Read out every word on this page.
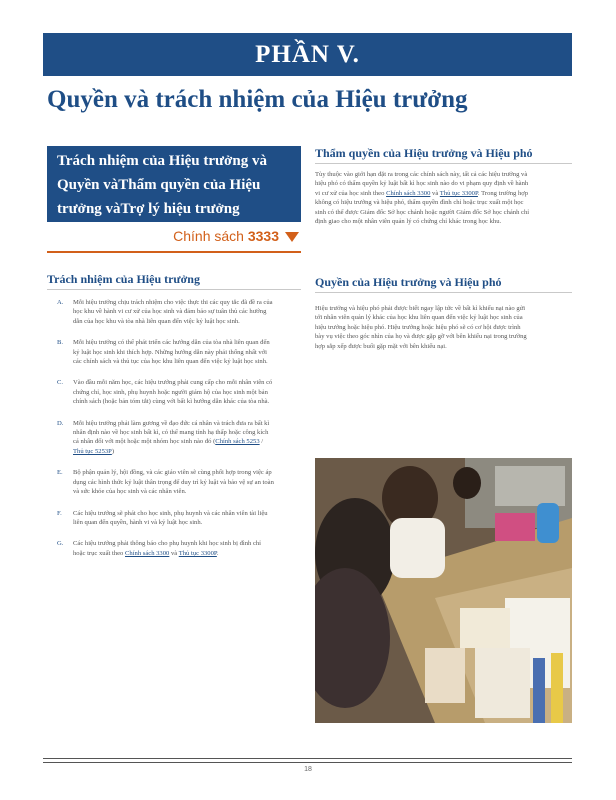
PHẦN V.
Quyền và trách nhiệm của Hiệu trưởng
Trách nhiệm của Hiệu trưởng và
Quyền vàThẩm quyền của Hiệu
trưởng vàTrợ lý hiệu trưởng
Chính sách 3333
Trách nhiệm của Hiệu trưởng
A. Mỗi hiệu trưởng chịu trách nhiệm cho việc thực thi các quy tắc đã đề ra của học khu về hành vi cư xử của học sinh và đảm bảo sự tuân thủ các hướng dẫn của học khu và tòa nhà liên quan đến việc kỷ luật học sinh.
B. Mỗi hiệu trưởng có thể phát triển các hướng dẫn của tòa nhà liên quan đến kỷ luật học sinh khi thích hợp. Những hướng dẫn này phải thống nhất với các chính sách và thủ tục của học khu liên quan đến việc kỷ luật học sinh.
C. Vào đầu mỗi năm học, các hiệu trưởng phải cung cấp cho mỗi nhân viên có chứng chỉ, học sinh, phụ huynh hoặc người giám hộ của học sinh một bản chính sách (hoặc bản tóm tắt) cùng với bất kì hướng dẫn khác của tòa nhà.
D. Mỗi hiệu trưởng phải làm gương về đạo đức cá nhân và trách đưa ra bất kì nhân định nào về học sinh bất kì, có thể mang tính hạ thấp hoặc công kích cá nhân đối với một hoặc một nhóm học sinh nào đó (Chính sách 5253 / Thủ tục 5253P)
E. Bộ phận quản lý, hội đồng, và các giáo viên sẽ cùng phối hợp trong việc áp dụng các hình thức kỷ luật thân trọng để duy trì kỷ luật và bảo vệ sự an toàn và sức khỏe của học sinh và các nhân viên.
F. Các hiệu trưởng sẽ phát cho học sinh, phụ huynh và các nhân viên tài liệu liên quan đến quyền, hành vi và kỷ luật học sinh.
G. Các hiệu trưởng phải thông báo cho phụ huynh khi học sinh bị đình chỉ hoặc trục xuất theo Chính sách 3300 và Thủ tục 3300P.
Thẩm quyền của Hiệu trưởng và Hiệu phó

Tùy thuộc vào giới hạn đặt ra trong các chính sách này, tất cả các hiệu trưởng và hiệu phó có thẩm quyền kỷ luật bất kì học sinh nào do vi phạm quy định về hành vi cư xử của học sinh theo Chính sách 3300 và Thủ tục 3300P. Trong trường hợp không có hiệu trưởng và hiệu phó, thẩm quyền đình chỉ hoặc trục xuất một học sinh có thể được Giám đốc Sở học chánh hoặc người Giám đốc Sở học chánh chỉ định giao cho một nhân viên quản lý có chứng chỉ khác trong học khu.

Quyền của Hiệu trưởng và Hiệu phó

Hiệu trưởng và hiệu phó phải được biết ngay lập tức về bất kì khiếu nại nào gửi tới nhân viên quản lý khác của học khu liên quan đến việc kỷ luật học sinh của hiệu trưởng hoặc hiệu phó. Hiệu trưởng hoặc hiệu phó sẽ có cơ hội được trình bày vụ việc theo góc nhìn của họ và được gặp gỡ với bên khiếu nại trong trường hợp sắp xếp được buổi gặp mặt với bên khiếu nại.

18
